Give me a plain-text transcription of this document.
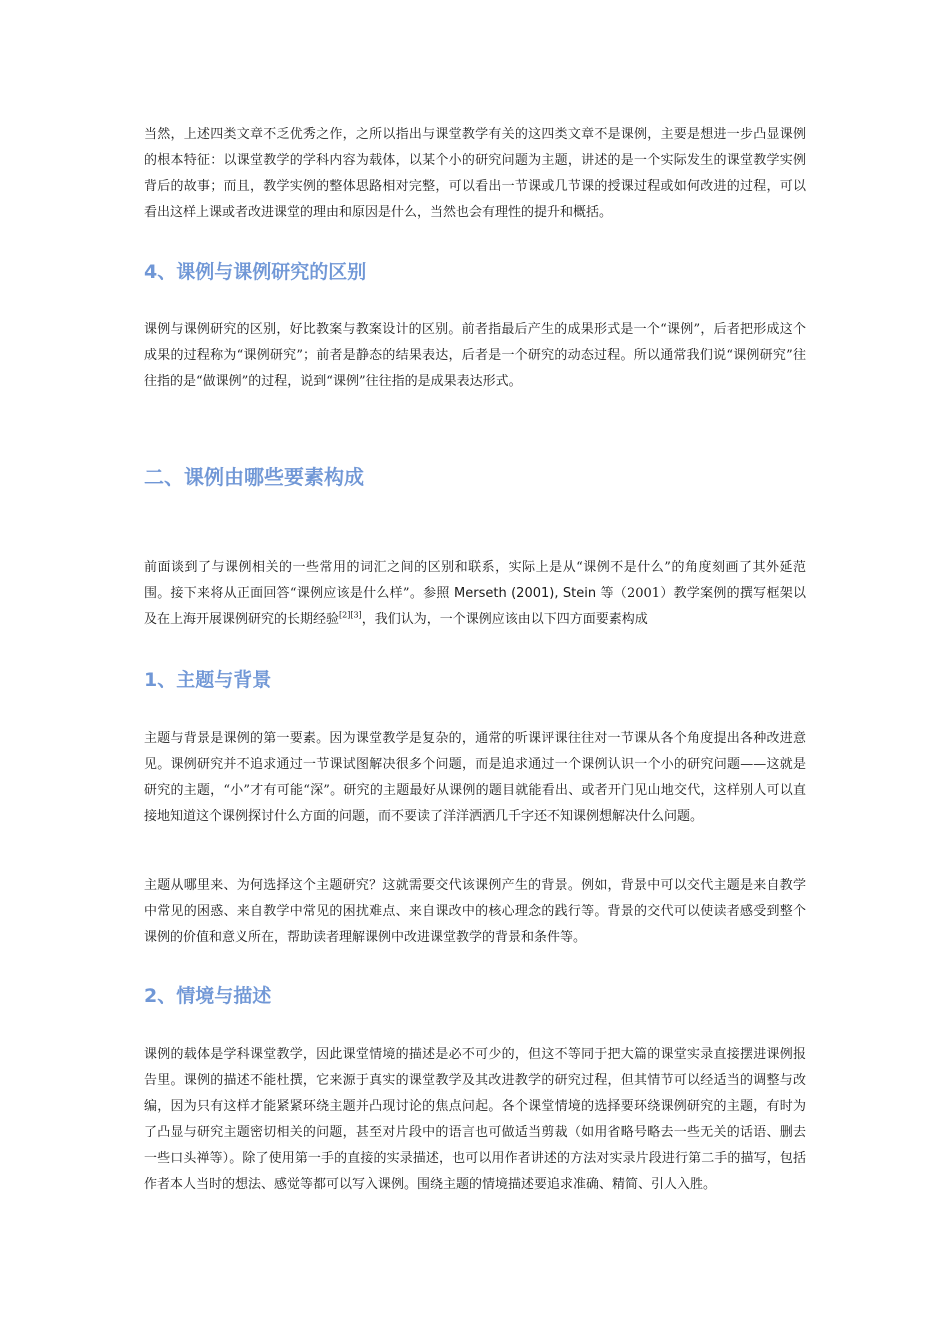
当然，上述四类文章不乏优秀之作，之所以指出与课堂教学有关的这四类文章不是课例，主要是想进一步凸显课例的根本特征：以课堂教学的学科内容为载体，以某个小的研究问题为主题，讲述的是一个实际发生的课堂教学实例背后的故事；而且，教学实例的整体思路相对完整，可以看出一节课或几节课的授课过程或如何改进的过程，可以看出这样上课或者改进课堂的理由和原因是什么，当然也会有理性的提升和概括。

4、课例与课例研究的区别

课例与课例研究的区别，好比教案与教案设计的区别。前者指最后产生的成果形式是一个“课例”，后者把形成这个成果的过程称为“课例研究”；前者是静态的结果表达，后者是一个研究的动态过程。所以通常我们说“课例研究”往往指的是“做课例”的过程，说到“课例”往往指的是成果表达形式。

二、课例由哪些要素构成

前面谈到了与课例相关的一些常用的词汇之间的区别和联系，实际上是从“课例不是什么”的角度刻画了其外延范围。接下来将从正面回答“课例应该是什么样”。参照 Merseth (2001), Stein 等（2001）教学案例的撰写框架以及在上海开展课例研究的长期经验[2][3]，我们认为，一个课例应该由以下四方面要素构成

1、主题与背景

主题与背景是课例的第一要素。因为课堂教学是复杂的，通常的听课评课往往对一节课从各个角度提出各种改进意见。课例研究并不追求通过一节课试图解决很多个问题，而是追求通过一个课例认识一个小的研究问题——这就是研究的主题，“小”才有可能“深”。研究的主题最好从课例的题目就能看出、或者开门见山地交代，这样别人可以直接地知道这个课例探讨什么方面的问题，而不要读了洋洋洒洒几千字还不知课例想解决什么问题。

主题从哪里来、为何选择这个主题研究？这就需要交代该课例产生的背景。例如，背景中可以交代主题是来自教学中常见的困惑、来自教学中常见的困扰难点、来自课改中的核心理念的践行等。背景的交代可以使读者感受到整个课例的价值和意义所在，帮助读者理解课例中改进课堂教学的背景和条件等。

2、情境与描述

课例的载体是学科课堂教学，因此课堂情境的描述是必不可少的，但这不等同于把大篇的课堂实录直接摆进课例报告里。课例的描述不能杜撰，它来源于真实的课堂教学及其改进教学的研究过程，但其情节可以经适当的调整与改编，因为只有这样才能紧紧环绕主题并凸现讨论的焦点问起。各个课堂情境的选择要环绕课例研究的主题，有时为了凸显与研究主题密切相关的问题，甚至对片段中的语言也可做适当剪裁（如用省略号略去一些无关的话语、删去一些口头禅等）。除了使用第一手的直接的实录描述，也可以用作者讲述的方法对实录片段进行第二手的描写，包括作者本人当时的想法、感觉等都可以写入课例。围绕主题的情境描述要追求准确、精简、引人入胜。
